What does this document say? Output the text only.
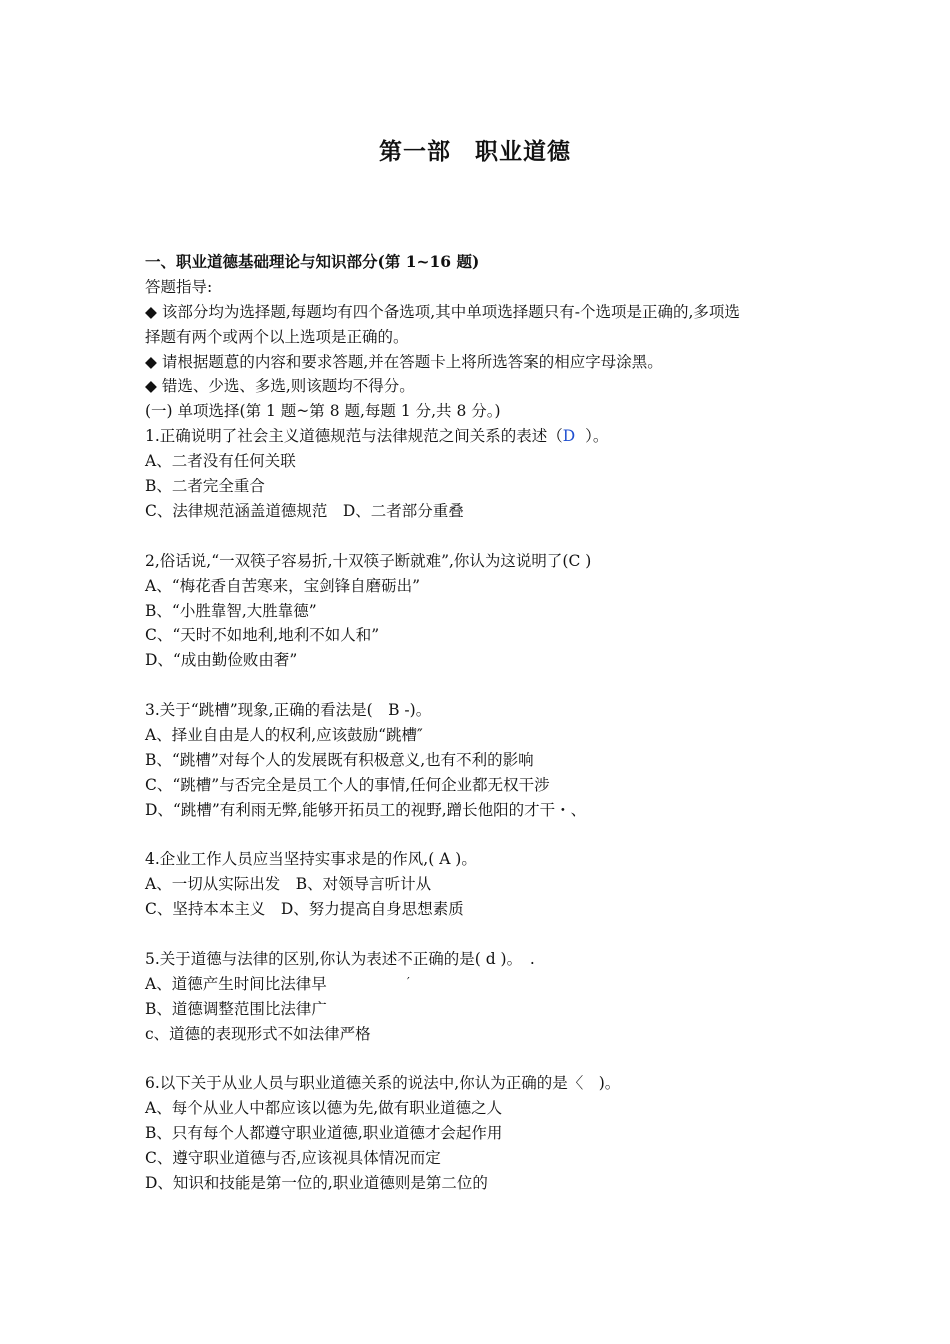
第一部　职业道德
一、职业道德基础理论与知识部分(第 1~16 题)
答题指导:
◆ 该部分均为选择题,每题均有四个备选项,其中单项选择题只有-个选项是正确的,多项选择题有两个或两个以上选项是正确的。
◆ 请根据题蒠的内容和要求答题,并在答题卡上将所选答案的相应字母涂黑。
◆ 错选、少选、多选,则该题均不得分。
(一) 单项选择(第 1 题~第 8 题,每题 1 分,共 8 分。)
1.正确说明了社会主义道德规范与法律规范之间关系的表述（D  ）。
A、二者没有任何关联
B、二者完全重合
C、法律规范涵盖道德规范　D、二者部分重叠
2,俗话说,“一双筷子容易折,十双筷子断就难”,你认为这说明了(C )
A、“梅花香自苦寒来，宝剑锋自磨砺出”
B、“小胜靠智,大胜靠德”
C、“天时不如地利,地利不如人和”
D、“成由勤俭败由奢”
3.关于“跳槽”现象,正确的看法是(　B -)。
A、择业自由是人的权利,应该鼓励“跳槽″
B、“跳槽”对每个人的发展既有积极意义,也有不利的影响
C、“跳槽”与否完全是员工个人的事情,任何企业都无权干涉
D、“跳槽”有利雨无弊,能够开拓员工的视野,蹭长他阳的才干・、
4.企业工作人员应当坚持实事求是的作风,( A )。
A、一切从实际出发　B、对领导言听计从
C、坚持本本主义　D、努力提高自身思想素质
5.关于道德与法律的区别,你认为表述不正确的是( d )。　.
A、道德产生时间比法律早	′
B、道德调整范围比法律广
c、道德的表现形式不如法律严格
6.以下关于从业人员与职业道德关系的说法中,你认为正确的是〈　)。
A、每个从业人中都应该以德为先,做有职业道德之人
B、只有每个人都遵守职业道德,职业道德才会起作用
C、遵守职业道德与否,应该视具体情况而定
D、知识和技能是第一位的,职业道德则是第二位的
